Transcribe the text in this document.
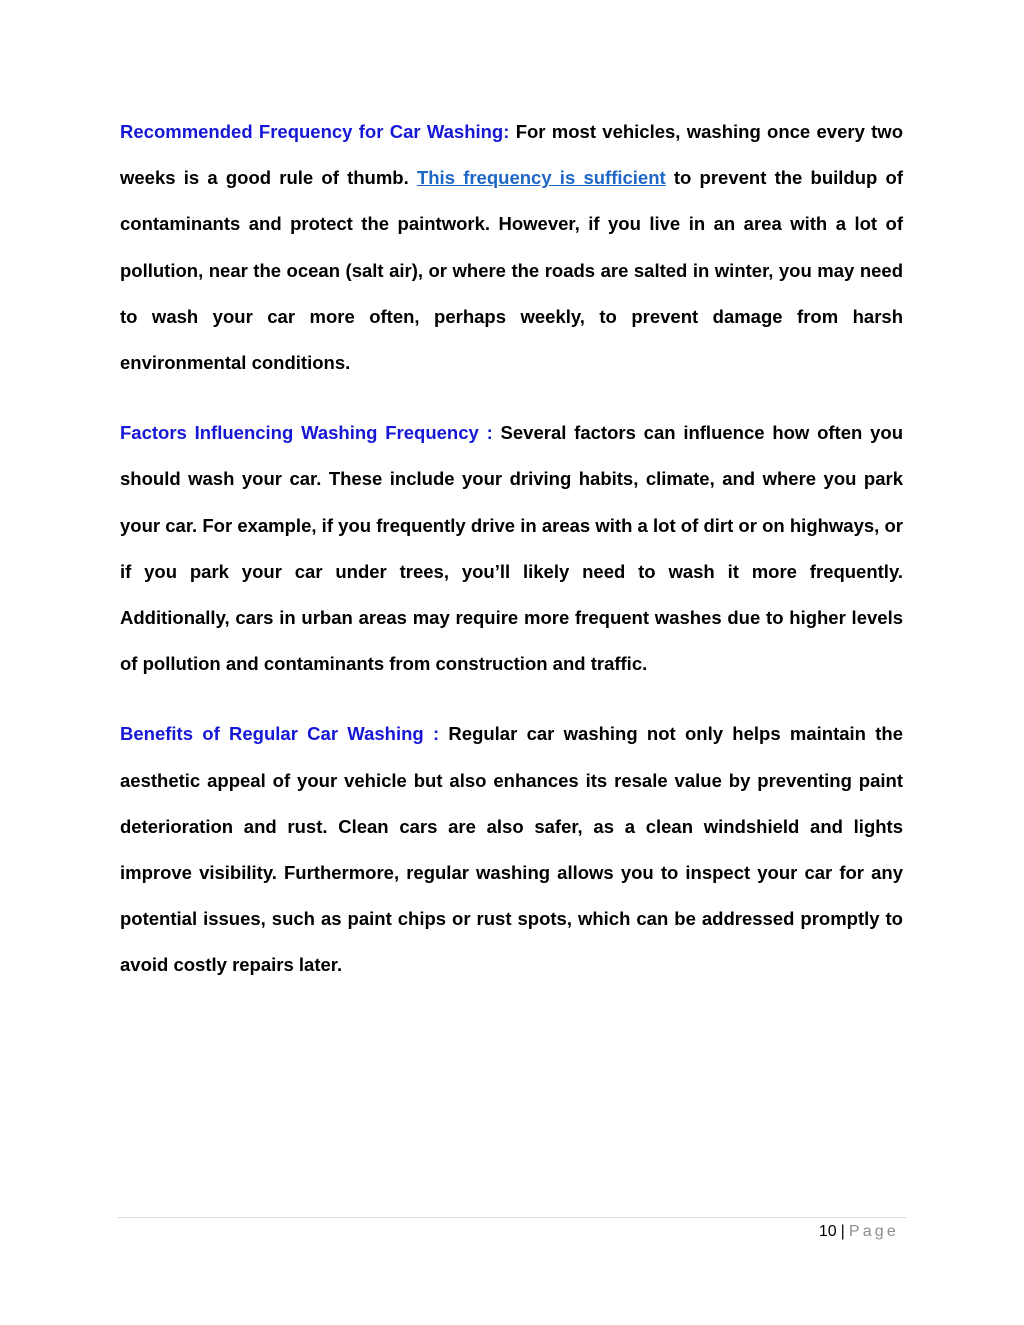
Recommended Frequency for Car Washing: For most vehicles, washing once every two weeks is a good rule of thumb. This frequency is sufficient to prevent the buildup of contaminants and protect the paintwork. However, if you live in an area with a lot of pollution, near the ocean (salt air), or where the roads are salted in winter, you may need to wash your car more often, perhaps weekly, to prevent damage from harsh environmental conditions.

Factors Influencing Washing Frequency : Several factors can influence how often you should wash your car. These include your driving habits, climate, and where you park your car. For example, if you frequently drive in areas with a lot of dirt or on highways, or if you park your car under trees, you’ll likely need to wash it more frequently. Additionally, cars in urban areas may require more frequent washes due to higher levels of pollution and contaminants from construction and traffic.

Benefits of Regular Car Washing : Regular car washing not only helps maintain the aesthetic appeal of your vehicle but also enhances its resale value by preventing paint deterioration and rust. Clean cars are also safer, as a clean windshield and lights improve visibility. Furthermore, regular washing allows you to inspect your car for any potential issues, such as paint chips or rust spots, which can be addressed promptly to avoid costly repairs later.

10 | Page
